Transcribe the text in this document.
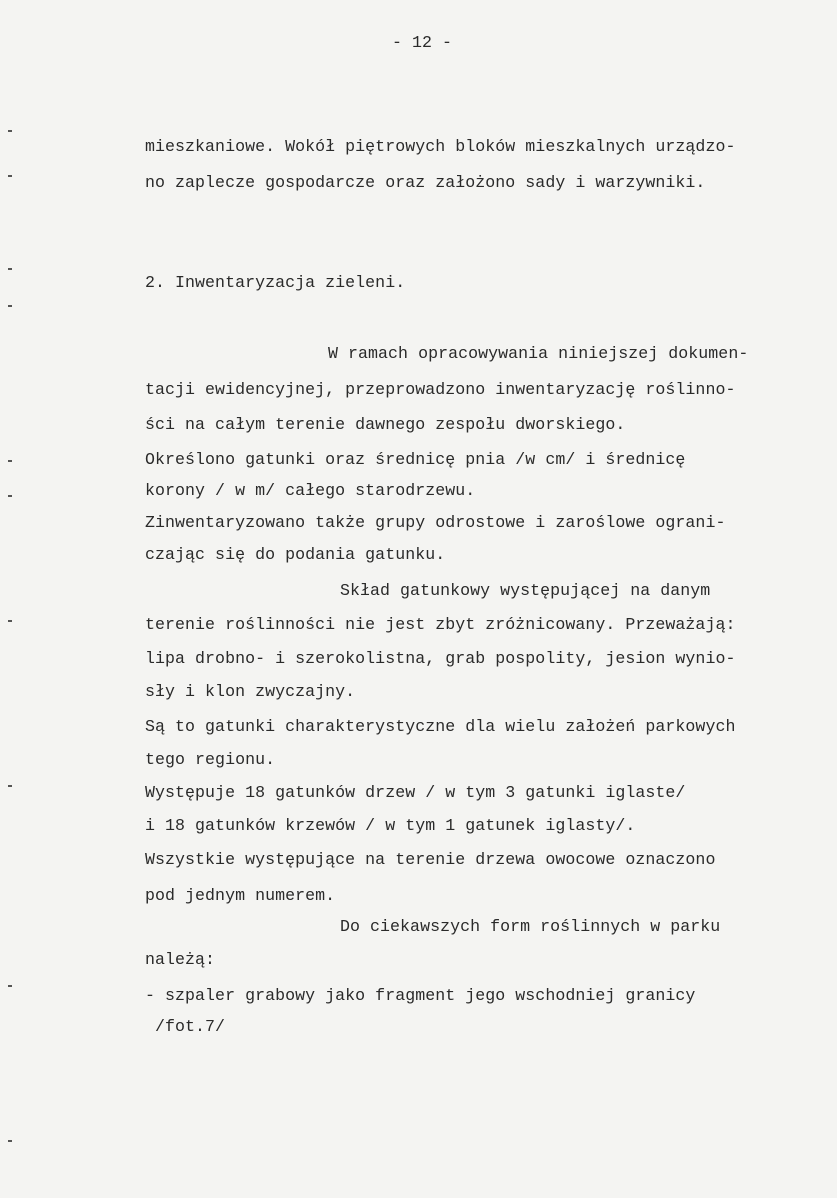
- 12 -
mieszkaniowe. Wokół piętrowych bloków mieszkalnych urządzo-
no zaplecze gospodarcze oraz założono sady i warzywniki.
2. Inwentaryzacja zieleni.
W ramach opracowywania niniejszej dokumen-
tacji ewidencyjnej, przeprowadzono inwentaryzację roślinno-
ści na całym terenie dawnego zespołu dworskiego.
Określono gatunki oraz średnicę pnia /w cm/ i średnicę
korony / w m/ całego starodrzewu.
Zinwentaryzowano także grupy odrostowe i zaroślowe ograni-
czając się do podania gatunku.
Skład gatunkowy występującej na danym
terenie roślinności nie jest zbyt zróżnicowany. Przeważają:
lipa drobno- i szerokolistna, grab pospolity, jesion wynio-
sły i klon zwyczajny.
Są to gatunki charakterystyczne dla wielu założeń parkowych
tego regionu.
Występuje 18 gatunków drzew / w tym 3 gatunki iglaste/
i 18 gatunków krzewów / w tym 1 gatunek iglasty/.
Wszystkie występujące na terenie drzewa owocowe oznaczono
pod jednym numerem.
Do ciekawszych form roślinnych w parku
należą:
- szpaler grabowy jako fragment jego wschodniej granicy
/fot.7/
